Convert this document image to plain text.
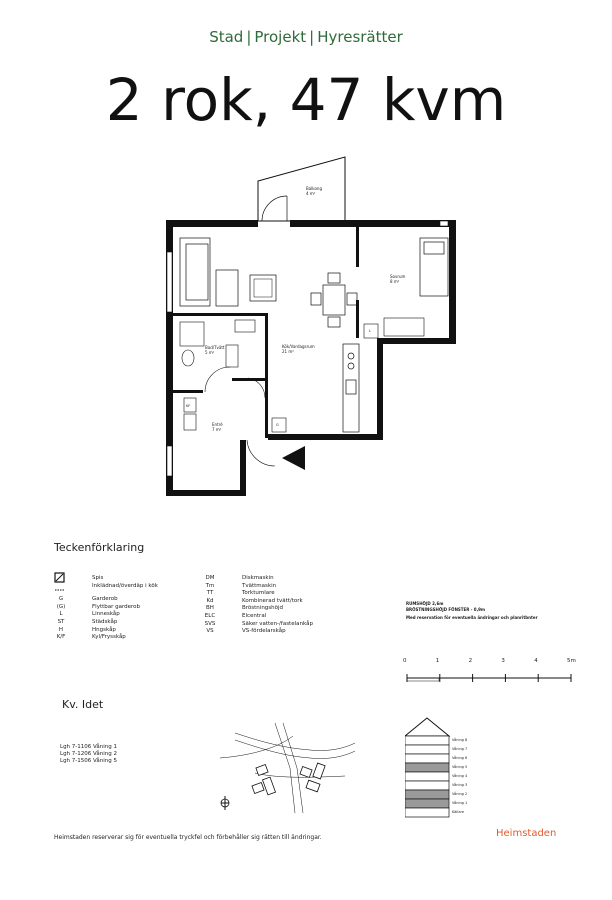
Stad | Projekt | Hyresrätter
2 rok, 47 kvm
Balkong
4 m²
Sovrum
8 m²
Kök/Vardagsrum
21 m²
Bad/Tvätt
5 m²
Entré
7 m²
KF
L
G
Teckenförklaring
Spis
Inklädnad/överdäp i kök
G	Garderob
(G)	Flyttbar garderob
L	Linneskåp
ST	Städskåp
H	Hngskåp
K/F	Kyl/Frysskåp
DM	Diskmaskin
Tm	Tvättmaskin
TT	Torktumlare
Kd	Kombinerad tvätt/tork
BH	Bröstningshöjd
ELC	Elcentral
SVS	Säker vatten-/fastelankåp
VS	VS-fördelarskåp
RUMSHÖJD 2,6m
BRÖSTNINGSHÖJD FÖNSTER - 0,9m
Med reservation för eventuella ändringar och planritbnter
0	1	2	3	4	5m
Kv. Idet
Lgh 7-1106 Våning 1
Lgh 7-1206 Våning 2
Lgh 7-1506 Våning 5
Våning 8
Våning 7
Våning 6
Våning 5
Våning 4
Våning 3
Våning 2
Våning 1
Källare
Heimstaden reserverar sig för eventuella tryckfel och förbehåller sig rätten till ändringar.	Heimstaden
